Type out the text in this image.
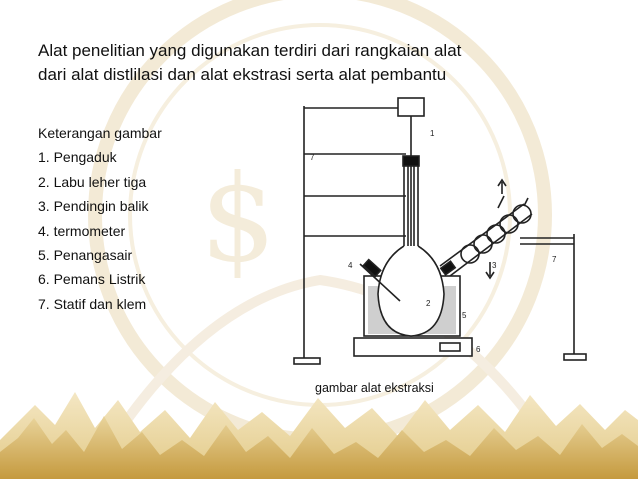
$
Alat penelitian yang digunakan terdiri dari rangkaian alat
dari alat distlilasi dan alat ekstrasi serta alat pembantu
Keterangan gambar
1. Pengaduk
2. Labu leher tiga
3. Pendingin balik
4. termometer
5. Penangasair
6. Pemans Listrik
7. Statif dan klem
1
2
3
4
5
6
7
7
gambar alat ekstraksi
